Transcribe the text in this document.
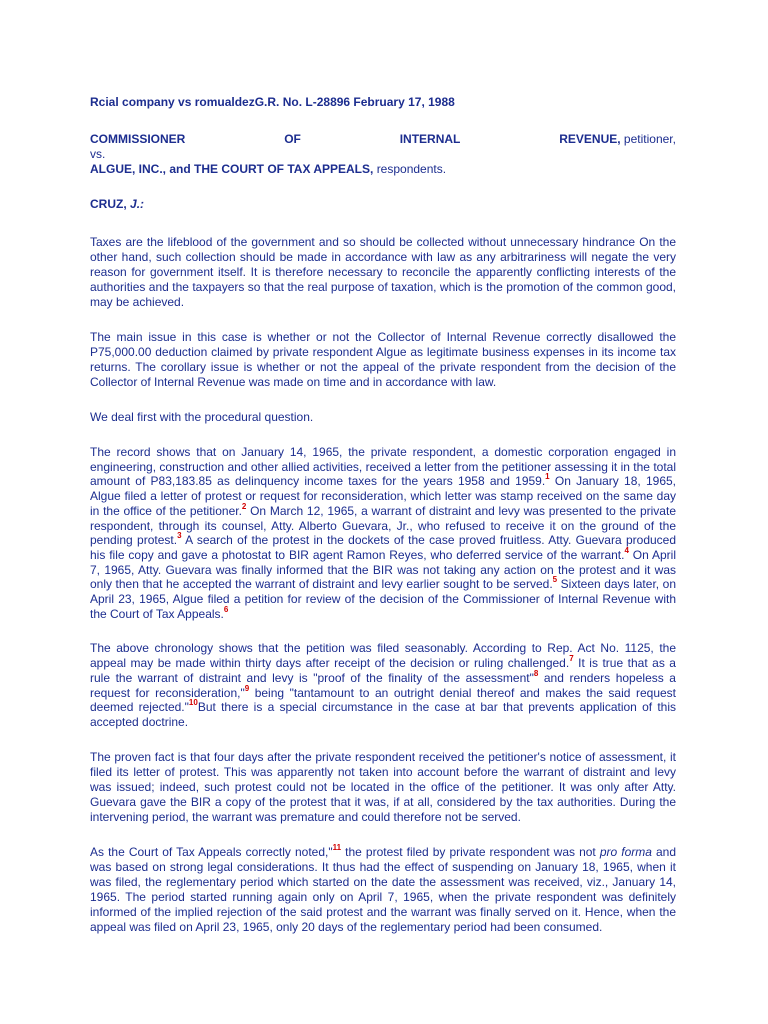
Rcial company vs romualdezG.R. No. L-28896 February 17, 1988
COMMISSIONER	OF	INTERNAL	REVENUE, petitioner,
vs.
ALGUE, INC., and THE COURT OF TAX APPEALS, respondents.
CRUZ, J.:

Taxes are the lifeblood of the government and so should be collected without unnecessary hindrance On the other hand, such collection should be made in accordance with law as any arbitrariness will negate the very reason for government itself. It is therefore necessary to reconcile the apparently conflicting interests of the authorities and the taxpayers so that the real purpose of taxation, which is the promotion of the common good, may be achieved.

The main issue in this case is whether or not the Collector of Internal Revenue correctly disallowed the P75,000.00 deduction claimed by private respondent Algue as legitimate business expenses in its income tax returns. The corollary issue is whether or not the appeal of the private respondent from the decision of the Collector of Internal Revenue was made on time and in accordance with law.

We deal first with the procedural question.

The record shows that on January 14, 1965, the private respondent, a domestic corporation engaged in engineering, construction and other allied activities, received a letter from the petitioner assessing it in the total amount of P83,183.85 as delinquency income taxes for the years 1958 and 1959.$^1$ On January 18, 1965, Algue filed a letter of protest or request for reconsideration, which letter was stamp received on the same day in the office of the petitioner.$^2$ On March 12, 1965, a warrant of distraint and levy was presented to the private respondent, through its counsel, Atty. Alberto Guevara, Jr., who refused to receive it on the ground of the pending protest.$^3$ A search of the protest in the dockets of the case proved fruitless. Atty. Guevara produced his file copy and gave a photostat to BIR agent Ramon Reyes, who deferred service of the warrant.$^4$ On April 7, 1965, Atty. Guevara was finally informed that the BIR was not taking any action on the protest and it was only then that he accepted the warrant of distraint and levy earlier sought to be served.$^5$ Sixteen days later, on April 23, 1965, Algue filed a petition for review of the decision of the Commissioner of Internal Revenue with the Court of Tax Appeals.$^6$

The above chronology shows that the petition was filed seasonably. According to Rep. Act No. 1125, the appeal may be made within thirty days after receipt of the decision or ruling challenged.$^7$ It is true that as a rule the warrant of distraint and levy is "proof of the finality of the assessment"$^8$ and renders hopeless a request for reconsideration,"$^9$ being "tantamount to an outright denial thereof and makes the said request deemed rejected."$^{10}$But there is a special circumstance in the case at bar that prevents application of this accepted doctrine.

The proven fact is that four days after the private respondent received the petitioner's notice of assessment, it filed its letter of protest. This was apparently not taken into account before the warrant of distraint and levy was issued; indeed, such protest could not be located in the office of the petitioner. It was only after Atty. Guevara gave the BIR a copy of the protest that it was, if at all, considered by the tax authorities. During the intervening period, the warrant was premature and could therefore not be served.

As the Court of Tax Appeals correctly noted,"$^{11}$ the protest filed by private respondent was not pro forma and was based on strong legal considerations. It thus had the effect of suspending on January 18, 1965, when it was filed, the reglementary period which started on the date the assessment was received, viz., January 14, 1965. The period started running again only on April 7, 1965, when the private respondent was definitely informed of the implied rejection of the said protest and the warrant was finally served on it. Hence, when the appeal was filed on April 23, 1965, only 20 days of the reglementary period had been consumed.
